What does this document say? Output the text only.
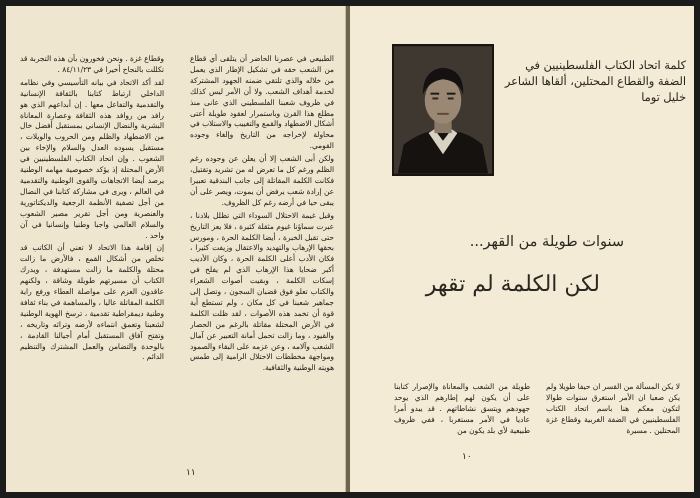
الطبيعي في عصرنا الحاضر أن يتلقى أي قطاع من الشعب حقه في تشكيل الإطار الذي يعمل من خلاله والذي تلتقي ضمنه الجهود المشتركة لخدمة أهداف الشعب. ولا أن الأمر ليس كذلك في ظروف شعبنا الفلسطيني الذي عانى منذ مطلع هذا القرن وباستمرار لعقود طويلة أعتى أشكال الاضطهاد والقمع والتغييب والاستلاب في محاولة لإخراجه من التاريخ وإلغاء وجوده القومي.

ولكن أبى الشعب إلا أن يعلن عن وجوده رغم الظلم ورغم كل ما تعرض له من تشريد وتقتيل، فكانت الكلمة المقاتلة إلى جانب البندقية تعبيرا عن إرادة شعب يرفض أن يموت، ويصر على أن يبقى حيا في أرضه رغم كل الظروف.

وقبل غيمة الاحتلال السوداء التي تظلل بلادنا ، عبرت سماؤنا غيوم مثقلة كثيرة ، فلا يعز التاريخ حتى تقبل الخبرة ، أيضا الكلمة الحرة ، ومورس بحقها الإرهاب والتهديد والاعتقال وزيفت كثيرا ، فكان الأدب أعلى الكلمة الحرة ، وكان الأديب أكبر ضحايا هذا الإرهاب الذي لم يفلح في إسكات الكلمة ، وبقيت أصوات الشعراء والكتاب تعلو فوق قضبان السجون ، وتصل إلى جماهير شعبنا في كل مكان ، ولم تستطع أية قوة أن تخمد هذه الأصوات ، لقد ظلت الكلمة في الأرض المحتلة مقاتلة بالرغم من الحصار والقيود ، وما زالت تحمل أمانة التعبير عن آمال الشعب وآلامه ، وعن عزمه على البقاء والصمود ومواجهة مخططات الاحتلال الرامية إلى طمس هويته الوطنية والثقافية.

وقطاع غزة . ونحن فخورون بأن هذه التجربة قد تكللت بالنجاح أخيرا في ٨٤/١١/٢٣ .

لقد أكد الاتحاد في بيانه التأسيسي وفي نظامه الداخلي ارتباط كتابنا بالثقافة الإنسانية والتقدمية والتفاعل معها . إن أبداعهم الذي هو رافد من روافد هذه الثقافة وعصارة المعاناة البشرية والنضال الإنساني بمستقبل أفضل خال من الاضطهاد والظلم ومن الحروب والويلات ، مستقبل يسوده العدل والسلام والإخاء بين الشعوب . وإن اتحاد الكتاب الفلسطينيين في الأرض المحتلة إذ يؤكد خصوصية مهامه الوطنية يرصد أيضا الاتجاهات والقوى الوطنية والتقدمية في العالم ، ويرى في مشاركة كتابنا في النضال من أجل تصفية الأنظمة الرجعية والديكتاتورية والعنصرية ومن أجل تقرير مصير الشعوب والسلام العالمي واجبا وطنيا وإنسانيا في آن واحد .

إن إقامة هذا الاتحاد لا تعني أن الكاتب قد تخلص من أشكال القمع ، فالأرض ما زالت محتلة والكلمة ما زالت مستهدفة ، ويدرك الكتاب أن مسيرتهم طويلة وشاقة ، ولكنهم عاقدون العزم على مواصلة العطاء ورفع راية الكلمة المقاتلة عاليا ، والمساهمة في بناء ثقافة وطنية ديمقراطية تقدمية ، ترسخ الهوية الوطنية لشعبنا وتعمق انتماءه لأرضه وتراثه وتاريخه ، وتفتح آفاق المستقبل أمام أجيالنا القادمة ، بالوحدة والتضامن والعمل المشترك والتنظيم الدائم .

١١
كلمة اتحاد الكتاب الفلسطينيين في الضفة والقطاع المحتلين، ألقاها الشاعر خليل توما
سنوات طويلة من القهر...
لكن الكلمة لم تقهر

لا يكن المسألة من القسر ان حيفا طويلا ولم يكن صعبا ان الأمر استغرق سنوات طوالا لتكون معكم هنا باسم اتحاد الكتاب الفلسطينيين في الضفة الغربية وقطاع غزة المحتلين . مسيرة

طويلة من الشعب والمعاناة والإصرار كتابنا على أن يكون لهم إطارهم الذي يوحد جهودهم ويتسق نشاطاتهم . قد يبدو أمرا عاديا في الأمر مستغربا ، ففي ظروف طبيعية لأي بلد يكون من

١٠
